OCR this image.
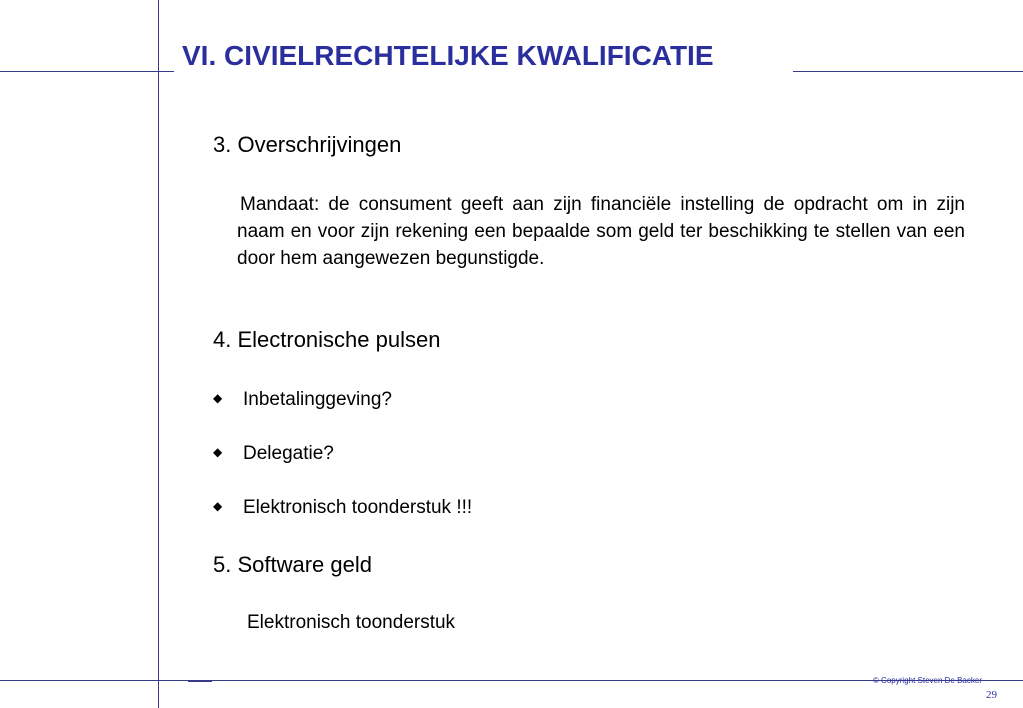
VI. CIVIELRECHTELIJKE KWALIFICATIE
3. Overschrijvingen
Mandaat: de consument geeft aan zijn financiële instelling de opdracht om in zijn naam en voor zijn rekening een bepaalde som geld ter beschikking te stellen van een door hem aangewezen begunstigde.
4. Electronische pulsen
◆ Inbetalinggeving?
◆ Delegatie?
◆ Elektronisch toonderstuk !!!
5. Software geld
Elektronisch toonderstuk
© Copyright Steven De Backer
29
